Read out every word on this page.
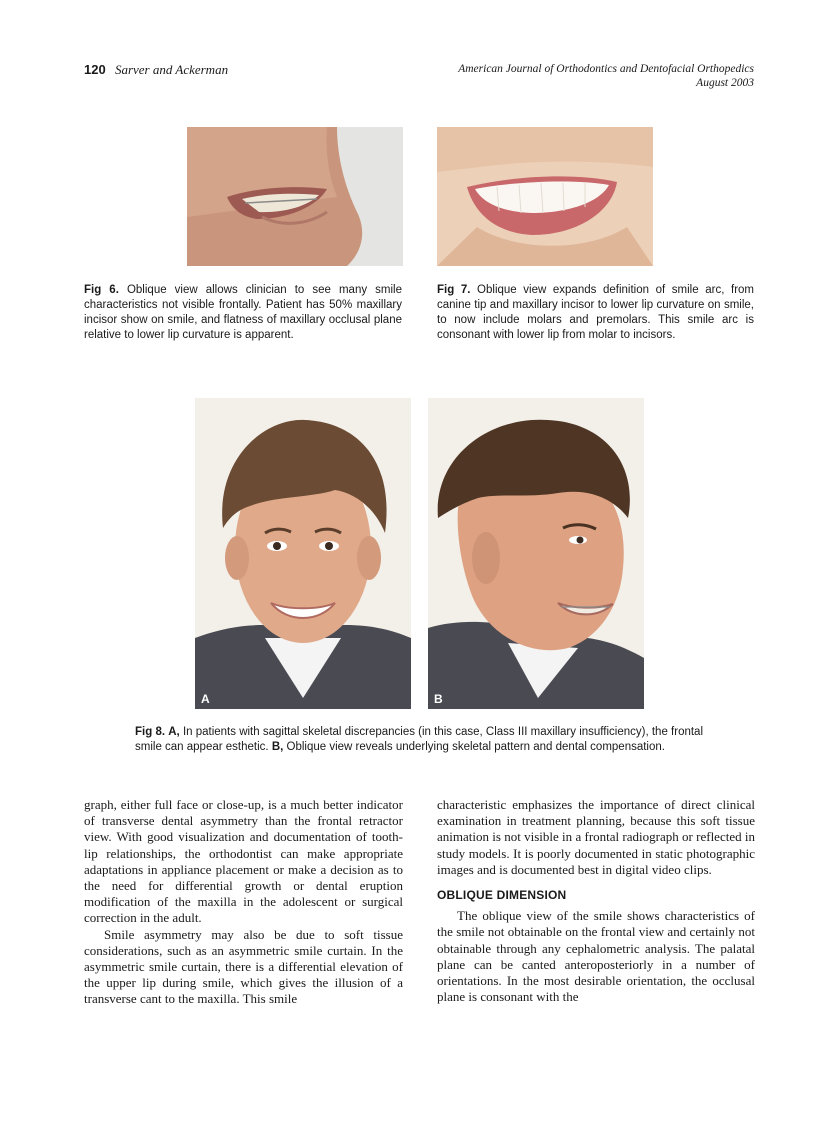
120 Sarver and Ackerman	American Journal of Orthodontics and Dentofacial Orthopedics
August 2003
Fig 6. Oblique view allows clinician to see many smile characteristics not visible frontally. Patient has 50% maxillary incisor show on smile, and flatness of maxillary occlusal plane relative to lower lip curvature is apparent.
Fig 7. Oblique view expands definition of smile arc, from canine tip and maxillary incisor to lower lip curvature on smile, to now include molars and premolars. This smile arc is consonant with lower lip from molar to incisors.
A	B
Fig 8. A, In patients with sagittal skeletal discrepancies (in this case, Class III maxillary insufficiency), the frontal smile can appear esthetic. B, Oblique view reveals underlying skeletal pattern and dental compensation.

graph, either full face or close-up, is a much better indicator of transverse dental asymmetry than the frontal retractor view. With good visualization and documentation of tooth-lip relationships, the orthodontist can make appropriate adaptations in appliance placement or make a decision as to the need for differential growth or dental eruption modification of the maxilla in the adolescent or surgical correction in the adult.

Smile asymmetry may also be due to soft tissue considerations, such as an asymmetric smile curtain. In the asymmetric smile curtain, there is a differential elevation of the upper lip during smile, which gives the illusion of a transverse cant to the maxilla. This smile

characteristic emphasizes the importance of direct clinical examination in treatment planning, because this soft tissue animation is not visible in a frontal radiograph or reflected in study models. It is poorly documented in static photographic images and is documented best in digital video clips.

OBLIQUE DIMENSION

The oblique view of the smile shows characteristics of the smile not obtainable on the frontal view and certainly not obtainable through any cephalometric analysis. The palatal plane can be canted anteroposteriorly in a number of orientations. In the most desirable orientation, the occlusal plane is consonant with the
